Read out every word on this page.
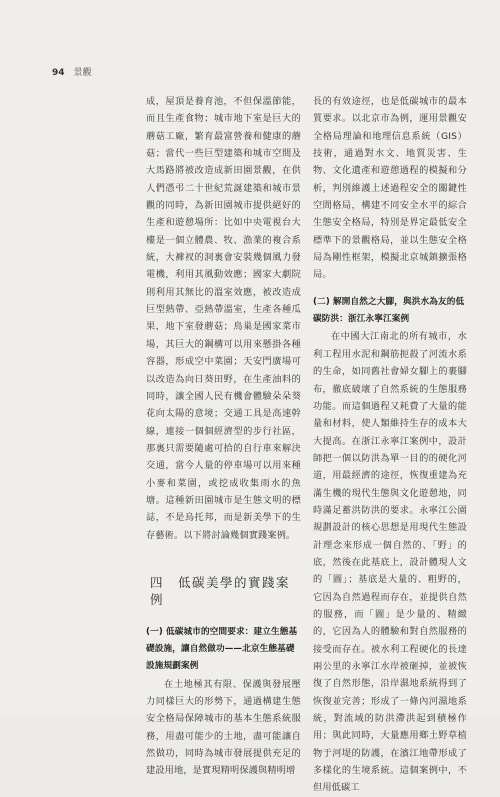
94 景觀

成，屋頂是養育池，不但保溫節能，而且生產食物；城市地下室是巨大的蘑菇工廠，繁育最富營養和健康的蘑菇；當代一些巨型建築和城市空間及大馬路將被改造成新田園景觀，在供人們憑弔二十世紀荒誕建築和城市景觀的同時，為新田園城市提供絕好的生產和遊憩場所：比如中央電視台大樓是一個立體農、牧、漁業的複合系統，大褲衩的洞裏會安裝幾個風力發電機，利用其風動效應；國家大劇院則利用其無比的溫室效應，被改造成巨型熱帶、亞熱帶溫室，生產各種瓜果，地下室發蘑菇；鳥巢是國家菜市場，其巨大的鋼構可以用來懸掛各種容器，形成空中菜園；天安門廣場可以改造為向日葵田野，在生產油料的同時，讓全國人民有機會體驗朵朵葵花向太陽的意境；交通工具是高速幹線，連接一個個經濟型的步行社區，那裏只需要隨處可拾的自行車來解決交通，當今人量的停車場可以用來種小麥和菜園，或挖成收集雨水的魚塘。這種新田園城市是生態文明的標誌，不是烏托邦，而是新美學下的生存藝術。以下將討論幾個實踐案例。

四 低碳美學的實踐案例

(一) 低碳城市的空間要求：建立生態基礎設施，讓自然做功——北京生態基礎設施規劃案例

在土地極其有限、保護與發展壓力同樣巨大的形勢下，通過構建生態安全格局保障城市的基本生態系統服務，用盡可能少的土地，盡可能讓自然做功，同時為城市發展提供充足的建設用地，是實現精明保護與精明增

長的有效途徑，也是低碳城市的最本質要求。以北京市為例，運用景觀安全格局理論和地理信息系統（GIS）技術，通過對水文、地質災害、生物、文化遺產和遊憩過程的模擬和分析，判別維護上述過程安全的關鍵性空間格局，構建不同安全水平的綜合生態安全格局，特別是界定最低安全標準下的景觀格局，並以生態安全格局為剛性框架，模擬北京城鎮擴張格局。

(二) 解開自然之大腳，與洪水為友的低碳防洪：浙江永寧江案例

在中國大江南北的所有城市，水利工程用水泥和鋼筋扼殺了河流水系的生命，如同舊社會婦女腳上的裹腳布，徹底破壞了自然系統的生態服務功能。而這個過程又耗費了大量的能量和材料，使人類維持生存的成本大大提高。在浙江永寧江案例中，設計師把一個以防洪為單一目的的硬化河道，用最經濟的途徑，恢復重建為充滿生機的現代生態與文化遊憩地，同時滿足蓄洪防洪的要求。永寧江公園規劃設計的核心思想是用現代生態設計理念來形成一個自然的、「野」的底，然後在此基底上，設計體現人文的「圖」；基底是大量的、粗野的，它因為自然過程而存在，並提供自然的服務，而「圖」是少量的、精緻的，它因為人的體驗和對自然服務的接受而存在。被水利工程硬化的長達兩公里的永寧江水岸被砸掉，並被恢復了自然形態，沿岸濕地系統得到了恢復並完善；形成了一條內河濕地系統，對流域的防洪滯洪起到積極作用；與此同時，大量應用鄉土野草植物于河堤的防護，在濱江地帶形成了多樣化的生境系統。這個案例中，不但用低碳工
